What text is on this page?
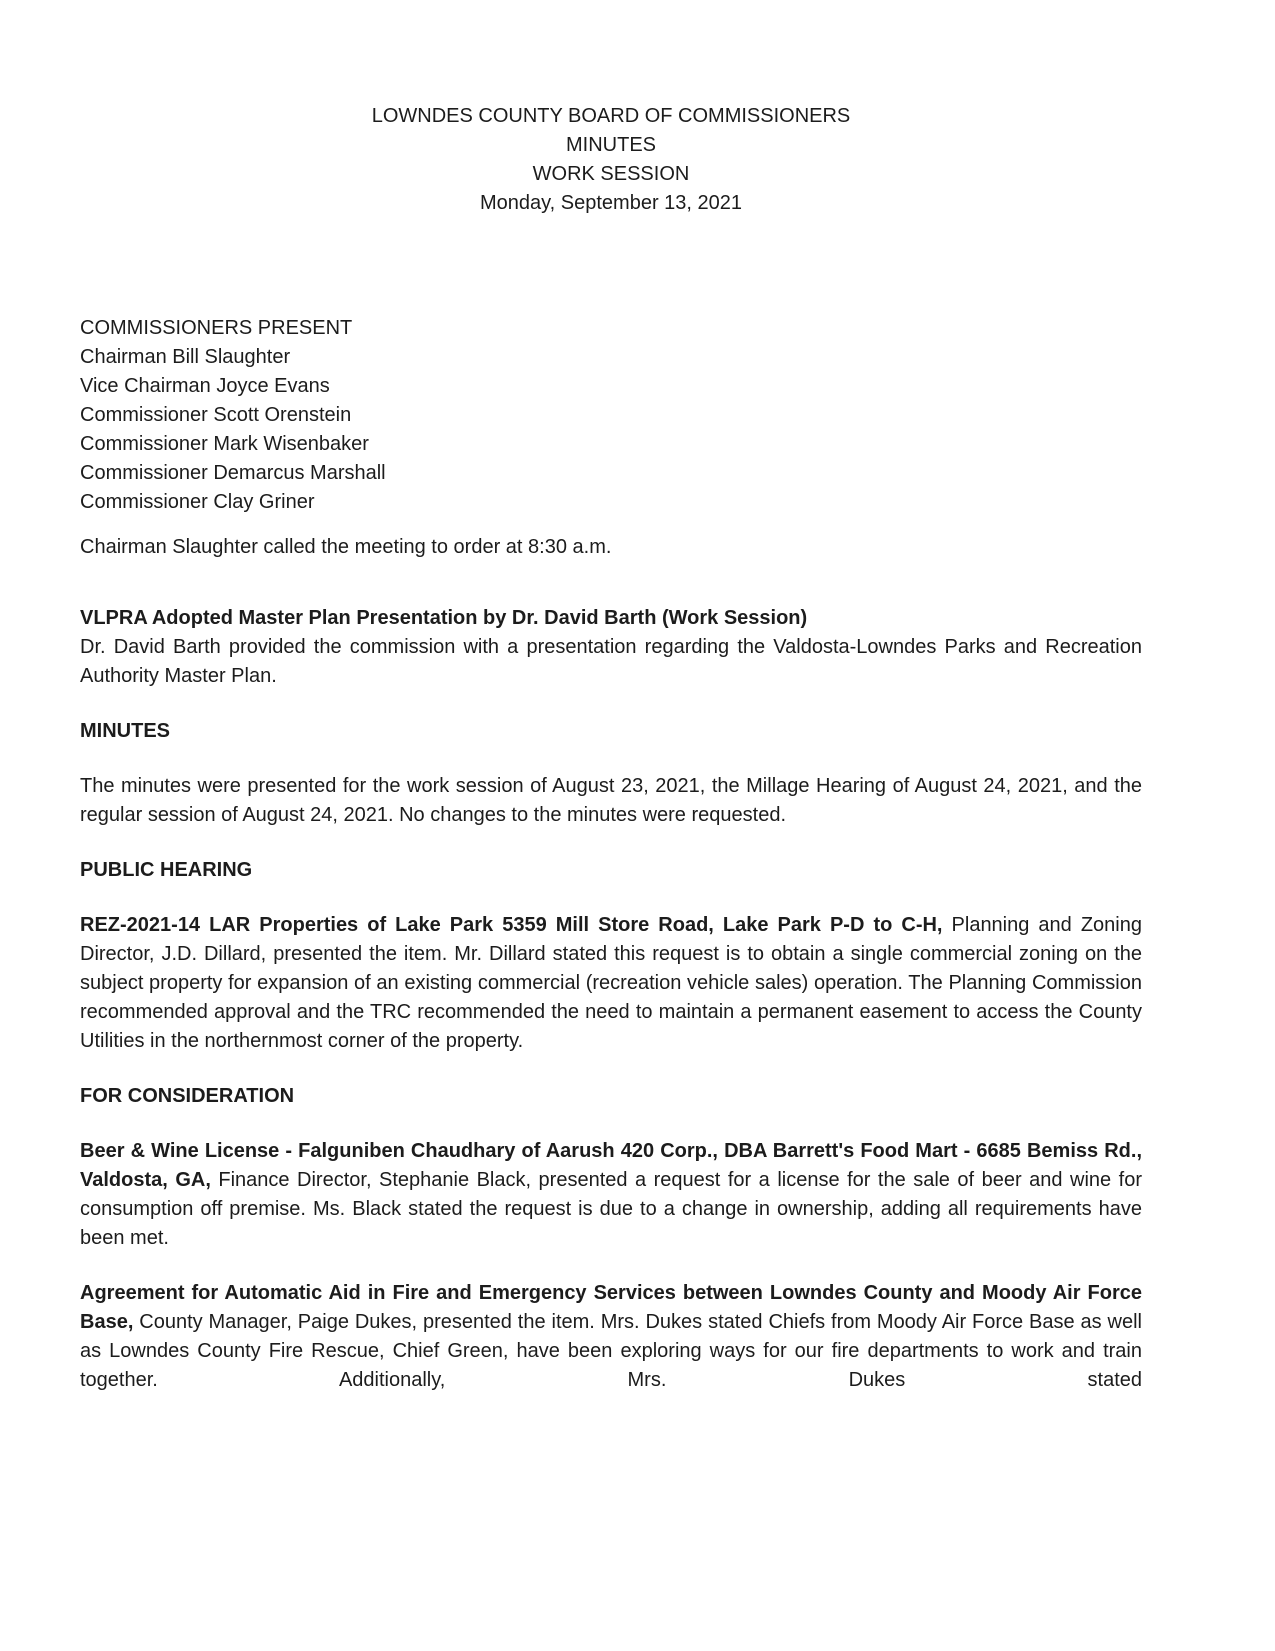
LOWNDES COUNTY BOARD OF COMMISSIONERS
MINUTES
WORK SESSION
Monday, September 13, 2021
COMMISSIONERS PRESENT
Chairman Bill Slaughter
Vice Chairman Joyce Evans
Commissioner Scott Orenstein
Commissioner Mark Wisenbaker
Commissioner Demarcus Marshall
Commissioner Clay Griner

Chairman Slaughter called the meeting to order at 8:30 a.m.

VLPRA Adopted Master Plan Presentation by Dr. David Barth (Work Session)

Dr. David Barth provided the commission with a presentation regarding the Valdosta-Lowndes Parks and Recreation Authority Master Plan.

MINUTES

The minutes were presented for the work session of August 23, 2021, the Millage Hearing of August 24, 2021, and the regular session of August 24, 2021. No changes to the minutes were requested.

PUBLIC HEARING

REZ-2021-14 LAR Properties of Lake Park 5359 Mill Store Road, Lake Park P-D to C-H, Planning and Zoning Director, J.D. Dillard, presented the item. Mr. Dillard stated this request is to obtain a single commercial zoning on the subject property for expansion of an existing commercial (recreation vehicle sales) operation. The Planning Commission recommended approval and the TRC recommended the need to maintain a permanent easement to access the County Utilities in the northernmost corner of the property.

FOR CONSIDERATION

Beer & Wine License - Falguniben Chaudhary of Aarush 420 Corp., DBA Barrett's Food Mart - 6685 Bemiss Rd., Valdosta, GA, Finance Director, Stephanie Black, presented a request for a license for the sale of beer and wine for consumption off premise. Ms. Black stated the request is due to a change in ownership, adding all requirements have been met.

Agreement for Automatic Aid in Fire and Emergency Services between Lowndes County and Moody Air Force Base, County Manager, Paige Dukes, presented the item. Mrs. Dukes stated Chiefs from Moody Air Force Base as well as Lowndes County Fire Rescue, Chief Green, have been exploring ways for our fire departments to work and train together. Additionally, Mrs. Dukes stated
